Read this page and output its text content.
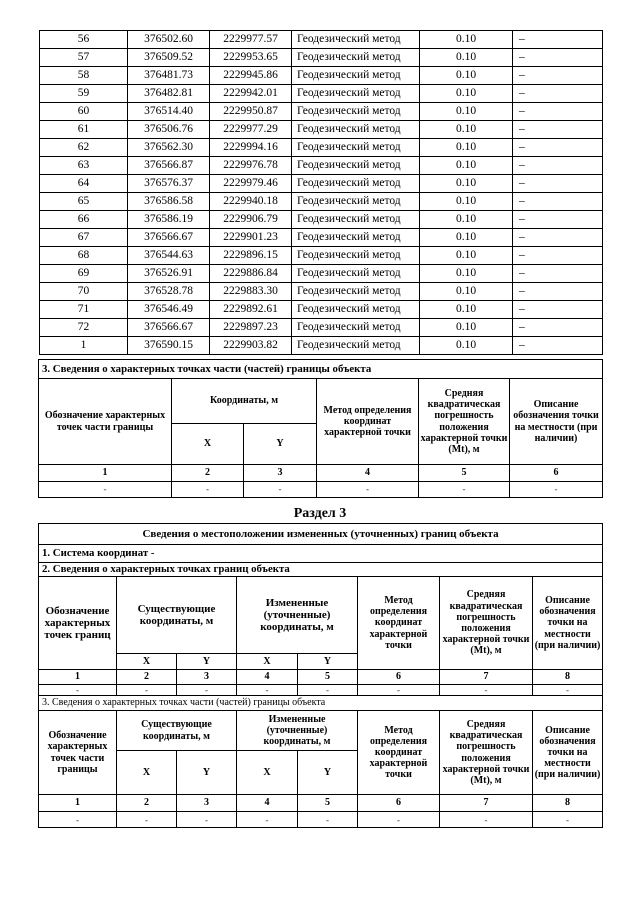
56	376502.60	2229977.57	Геодезический метод	0.10	–
57	376509.52	2229953.65	Геодезический метод	0.10	–
58	376481.73	2229945.86	Геодезический метод	0.10	–
59	376482.81	2229942.01	Геодезический метод	0.10	–
60	376514.40	2229950.87	Геодезический метод	0.10	–
61	376506.76	2229977.29	Геодезический метод	0.10	–
62	376562.30	2229994.16	Геодезический метод	0.10	–
63	376566.87	2229976.78	Геодезический метод	0.10	–
64	376576.37	2229979.46	Геодезический метод	0.10	–
65	376586.58	2229940.18	Геодезический метод	0.10	–
66	376586.19	2229906.79	Геодезический метод	0.10	–
67	376566.67	2229901.23	Геодезический метод	0.10	–
68	376544.63	2229896.15	Геодезический метод	0.10	–
69	376526.91	2229886.84	Геодезический метод	0.10	–
70	376528.78	2229883.30	Геодезический метод	0.10	–
71	376546.49	2229892.61	Геодезический метод	0.10	–
72	376566.67	2229897.23	Геодезический метод	0.10	–
1	376590.15	2229903.82	Геодезический метод	0.10	–
3. Сведения о характерных точках части (частей) границы объекта					
Обозначение характерных точек части границы	Координаты, м		Метод определения координат характерной точки	Средняя квадратическая погрешность положения характерной точки (Mt), м	Описание обозначения точки на местности (при наличии)
	X	Y			
1	2	3	4	5	6
-	-	-	-	-	-
Раздел 3
Сведения о местоположении измененных (уточненных) границ объекта							
1. Система координат -							
2. Сведения о характерных точках границ объекта							
Обозначение характерных точек границ	Существующие координаты, м		Измененные (уточненные) координаты, м		Метод определения координат характерной точки	Средняя квадратическая погрешность положения характерной точки (Mt), м	Описание обозначения точки на местности (при наличии)
	X	Y	X	Y			
1	2	3	4	5	6	7	8
-	-	-	-	-	-	-	-
3. Сведения о характерных точках части (частей) границы объекта							
Обозначение характерных точек части границы	Существующие координаты, м		Измененные (уточненные) координаты, м		Метод определения координат характерной точки	Средняя квадратическая погрешность положения характерной точки (Mt), м	Описание обозначения точки на местности (при наличии)
	X	Y	X	Y			
1	2	3	4	5	6	7	8
-	-	-	-	-	-	-	-
